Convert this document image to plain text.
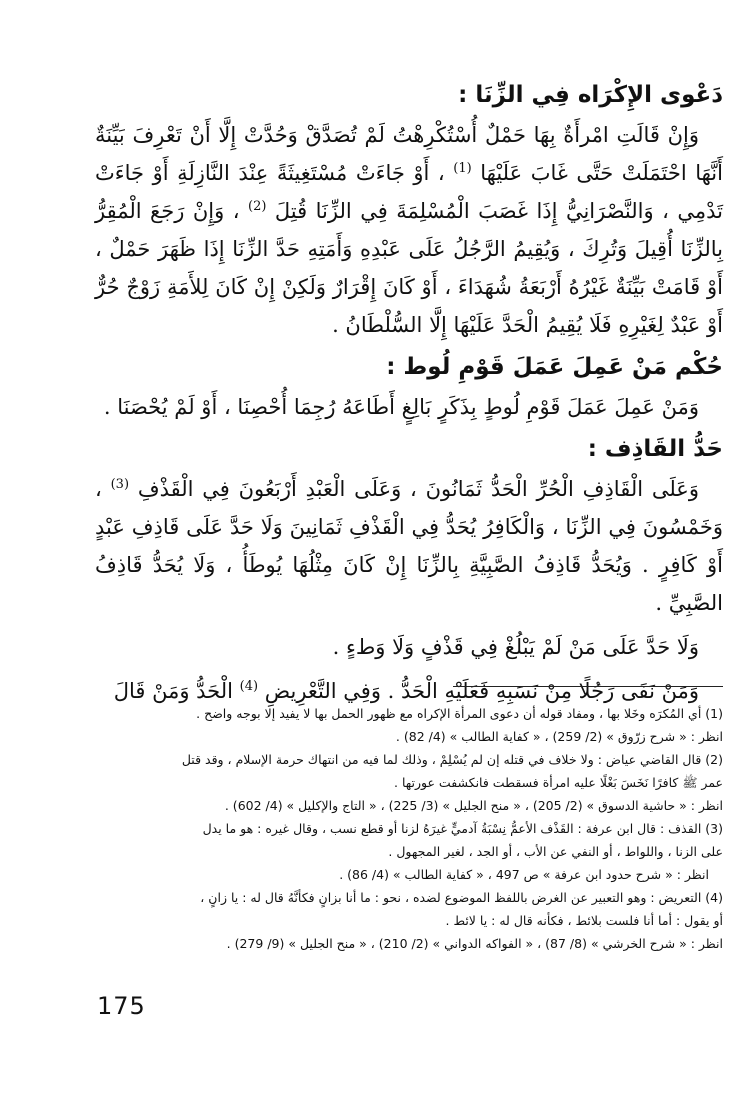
دَعْوى الإِكْرَاه فِي الزِّنَا :

وَإِنْ قَالَتِ امْرأَةٌ بِهَا حَمْلٌ أُسْتُكْرِهْتُ لَمْ تُصَدَّقْ وَحُدَّتْ إِلَّا أَنْ تَعْرِفَ بَيِّنَةٌ أَنَّهَا احْتَمَلَتْ حَتَّى غَابَ عَلَيْهَا $^{(1)}$ ، أَوْ جَاءَتْ مُسْتَغِيثَةً عِنْدَ النَّازِلَةِ أَوْ جَاءَتْ تَدْمِي ، وَالنَّصْرَانِيُّ إِذَا غَصَبَ الْمُسْلِمَةَ فِي الزِّنَا قُتِلَ $^{(2)}$ ، وَإِنْ رَجَعَ الْمُقِرُّ بِالزِّنَا أُقِيلَ وَتُرِكَ ، وَيُقِيمُ الرَّجُلُ عَلَى عَبْدِهِ وَأَمَتِهِ حَدَّ الزِّنَا إِذَا ظَهَرَ حَمْلٌ ، أَوْ قَامَتْ بَيِّنَةٌ غَيْرُهُ أَرْبَعَةُ شُهَدَاءَ ، أَوْ كَانَ إِقْرَارٌ وَلَكِنْ إِنْ كَانَ لِلأَمَةِ زَوْجٌ حُرٌّ أَوْ عَبْدٌ لِغَيْرِهِ فَلَا يُقِيمُ الْحَدَّ عَلَيْهَا إِلَّا السُّلْطَانُ .

حُكْم مَنْ عَمِلَ عَمَلَ قَوْمِ لُوط :

وَمَنْ عَمِلَ عَمَلَ قَوْمِ لُوطٍ بِذَكَرٍ بَالِغٍ أَطَاعَهُ رُجِمَا أُحْصِنَا ، أَوْ لَمْ يُحْصَنَا .

حَدُّ القَاذِف :

وَعَلَى الْقَاذِفِ الْحُرِّ الْحَدُّ ثَمَانُونَ ، وَعَلَى الْعَبْدِ أَرْبَعُونَ فِي الْقَذْفِ $^{(3)}$ ، وَخَمْسُونَ فِي الزِّنَا ، وَالْكَافِرُ يُحَدُّ فِي الْقَذْفِ ثَمَانِينَ وَلَا حَدَّ عَلَى قَاذِفِ عَبْدٍ أَوْ كَافِرٍ . وَيُحَدُّ قَاذِفُ الصَّبِيَّةِ بِالزِّنَا إِنْ كَانَ مِثْلُهَا يُوطَأُ ، وَلَا يُحَدُّ قَاذِفُ الصَّبِيِّ .

وَلَا حَدَّ عَلَى مَنْ لَمْ يَبْلُغْ فِي قَذْفٍ وَلَا وَطءٍ .

وَمَنْ نَفَى رَجُلًا مِنْ نَسَبِهِ فَعَلَيْهِ الْحَدُّ . وَفِي التَّعْرِيضِ $^{(4)}$ الْحَدُّ وَمَنْ قَالَ

(1) أي المُكرَه وخَلا بها ، ومفاد قوله أن دعوى المرأة الإكراه مع ظهور الحمل بها لا يفيد إلا بوجه واضح .

انظر : « شرح زرّوق » (2/ 259) ، « كفاية الطالب » (4/ 82) .

(2) قال القاضي عياض : ولا خلاف في قتله إن لم يُسْلِمْ ، وذلك لما فيه من انتهاك حرمة الإسلام ، وقد قتل

عمر ﷺ كافرًا نَخَسَ بَغْلًا عليه امرأة فسقطت فانكشفت عورتها .

انظر : « حاشية الدسوق » (2/ 205) ، « منح الجليل » (3/ 225) ، « التاج والإكليل » (4/ 602) .

(3) القذف : قال ابن عرفة : القَذْف الأعمُّ نِسْبَةُ آدميٍّ غيرَهُ لزنا أو قطع نسب ، وقال غيره : هو ما يدل

على الزنا ، واللواط ، أو النفي عن الأب ، أو الجد ، لغير المجهول .

انظر : « شرح حدود ابن عرفة » ص 497 ، « كفاية الطالب » (4/ 86) .

(4) التعريض : وهو التعبير عن الغرض باللفظ الموضوع لضده ، نحو : ما أنا بزانٍ فكأنَّهُ قال له : يا زانٍ ،

أو يقول : أما أنا فلست بلائط ، فكأنه قال له : يا لائط .

انظر : « شرح الخرشي » (8/ 87) ، « الفواكه الدواني » (2/ 210) ، « منح الجليل » (9/ 279) .

175
